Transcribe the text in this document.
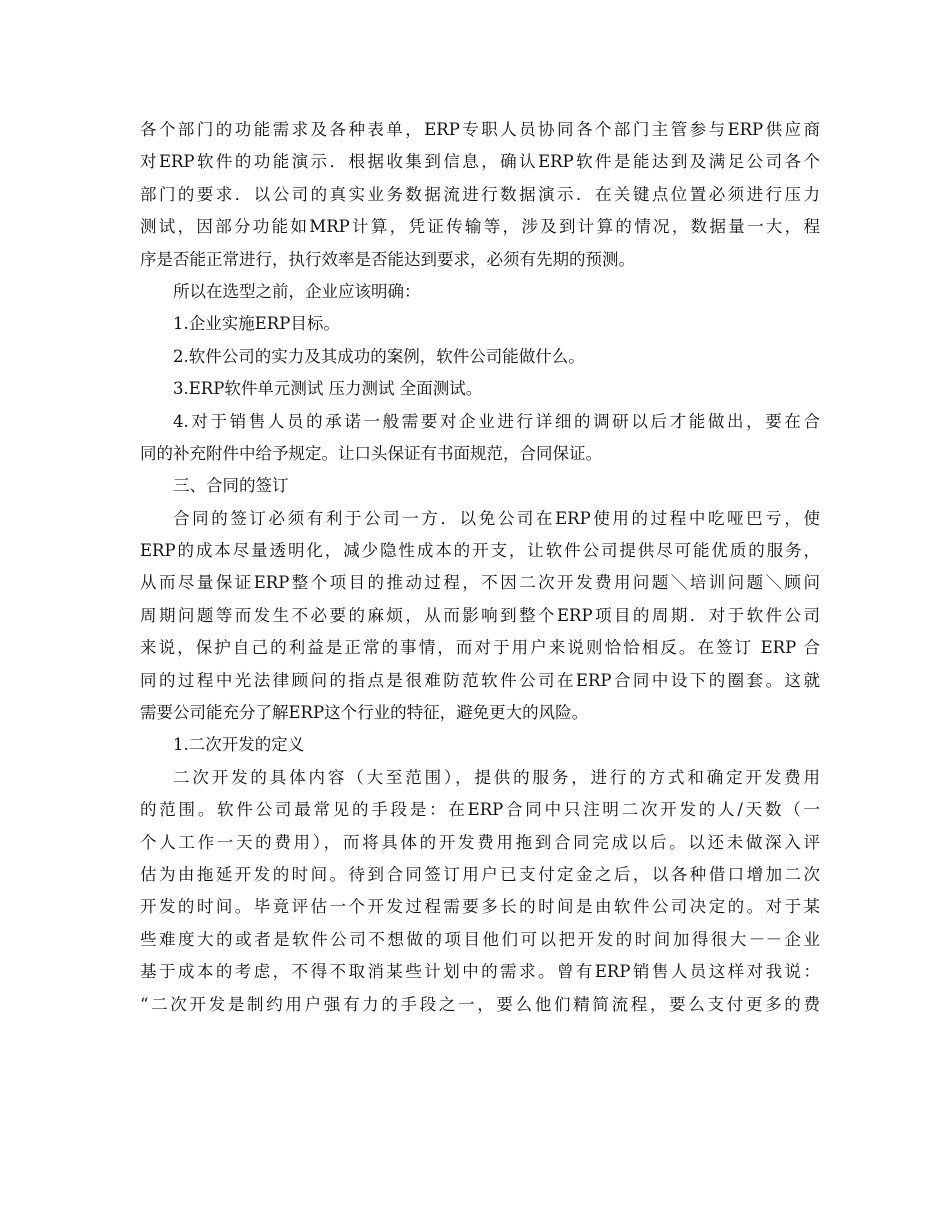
各个部门的功能需求及各种表单，ERP专职人员协同各个部门主管参与ERP供应商
对ERP软件的功能演示．根据收集到信息，确认ERP软件是能达到及满足公司各个
部门的要求．以公司的真实业务数据流进行数据演示．在关键点位置必须进行压力
测试，因部分功能如MRP计算，凭证传输等，涉及到计算的情况，数据量一大，程
序是否能正常进行，执行效率是否能达到要求，必须有先期的预测。
所以在选型之前，企业应该明确：
1.企业实施ERP目标。
2.软件公司的实力及其成功的案例，软件公司能做什么。
3.ERP软件单元测试 压力测试 全面测试。
4.对于销售人员的承诺一般需要对企业进行详细的调研以后才能做出，要在合
同的补充附件中给予规定。让口头保证有书面规范，合同保证。
三、合同的签订
合同的签订必须有利于公司一方．以免公司在ERP使用的过程中吃哑巴亏，使
ERP的成本尽量透明化，减少隐性成本的开支，让软件公司提供尽可能优质的服务，
从而尽量保证ERP整个项目的推动过程，不因二次开发费用问题＼培训问题＼顾问
周期问题等而发生不必要的麻烦，从而影响到整个ERP项目的周期．对于软件公司
来说，保护自己的利益是正常的事情，而对于用户来说则恰恰相反。在签订 ERP 合
同的过程中光法律顾问的指点是很难防范软件公司在ERP合同中设下的圈套。这就
需要公司能充分了解ERP这个行业的特征，避免更大的风险。
1.二次开发的定义
二次开发的具体内容（大至范围），提供的服务，进行的方式和确定开发费用
的范围。软件公司最常见的手段是：在ERP合同中只注明二次开发的人/天数（一
个人工作一天的费用），而将具体的开发费用拖到合同完成以后。以还未做深入评
估为由拖延开发的时间。待到合同签订用户已支付定金之后，以各种借口增加二次
开发的时间。毕竟评估一个开发过程需要多长的时间是由软件公司决定的。对于某
些难度大的或者是软件公司不想做的项目他们可以把开发的时间加得很大－－企业
基于成本的考虑，不得不取消某些计划中的需求。曾有ERP销售人员这样对我说：
“二次开发是制约用户强有力的手段之一，要么他们精简流程，要么支付更多的费
